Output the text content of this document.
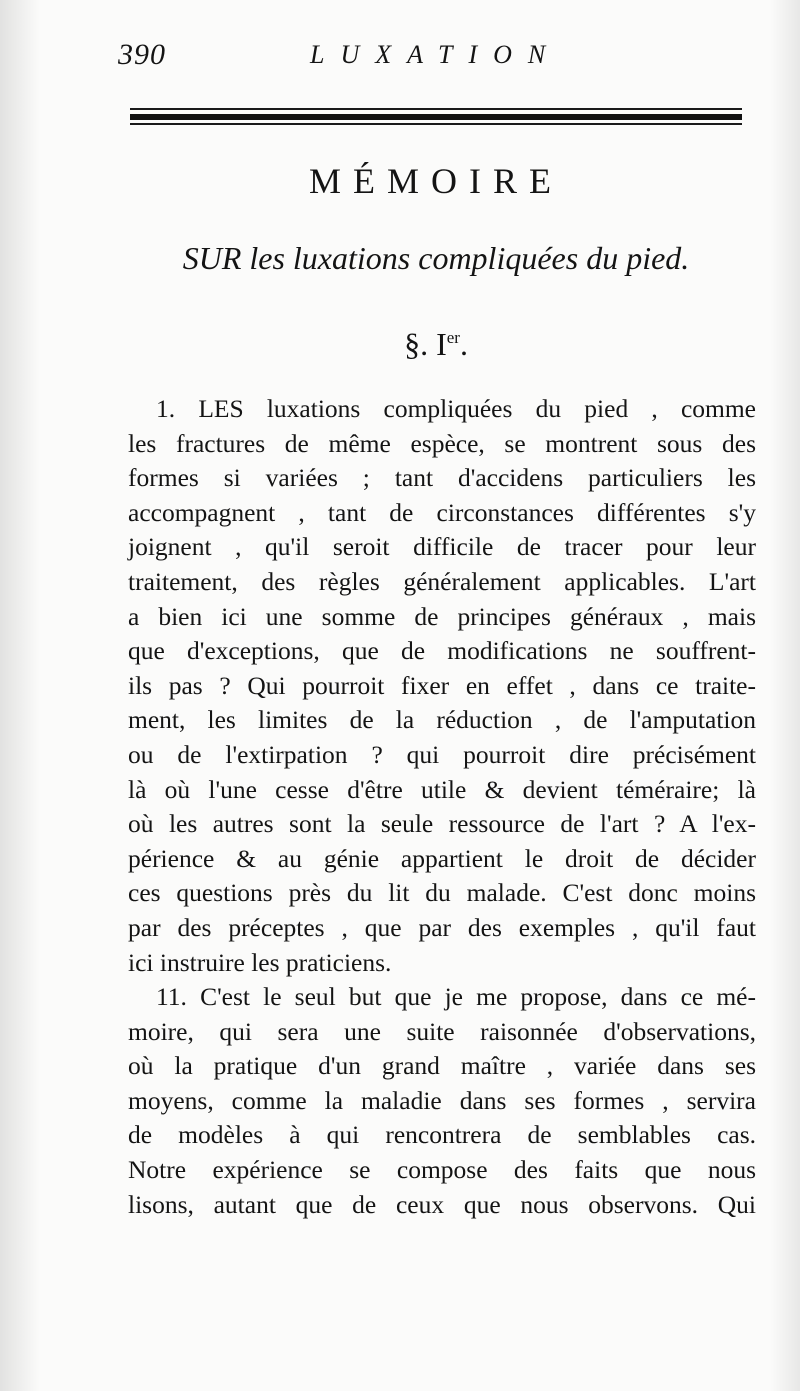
390	LUXATION
MÉMOIRE
SUR les luxations compliquées du pied.
§. Ier.
1. LES luxations compliquées du pied , comme
les fractures de même espèce, se montrent sous des
formes si variées ; tant d'accidens particuliers les
accompagnent , tant de circonstances différentes s'y
joignent , qu'il seroit difficile de tracer pour leur
traitement, des règles généralement applicables. L'art
a bien ici une somme de principes généraux , mais
que d'exceptions, que de modifications ne souffrent-
ils pas ? Qui pourroit fixer en effet , dans ce traite-
ment, les limites de la réduction , de l'amputation
ou de l'extirpation ? qui pourroit dire précisément
là où l'une cesse d'être utile & devient téméraire; là
où les autres sont la seule ressource de l'art ? A l'ex-
périence & au génie appartient le droit de décider
ces questions près du lit du malade. C'est donc moins
par des préceptes , que par des exemples , qu'il faut
ici instruire les praticiens.
11. C'est le seul but que je me propose, dans ce mé-
moire, qui sera une suite raisonnée d'observations,
où la pratique d'un grand maître , variée dans ses
moyens, comme la maladie dans ses formes , servira
de modèles à qui rencontrera de semblables cas.
Notre expérience se compose des faits que nous
lisons, autant que de ceux que nous observons. Qui
